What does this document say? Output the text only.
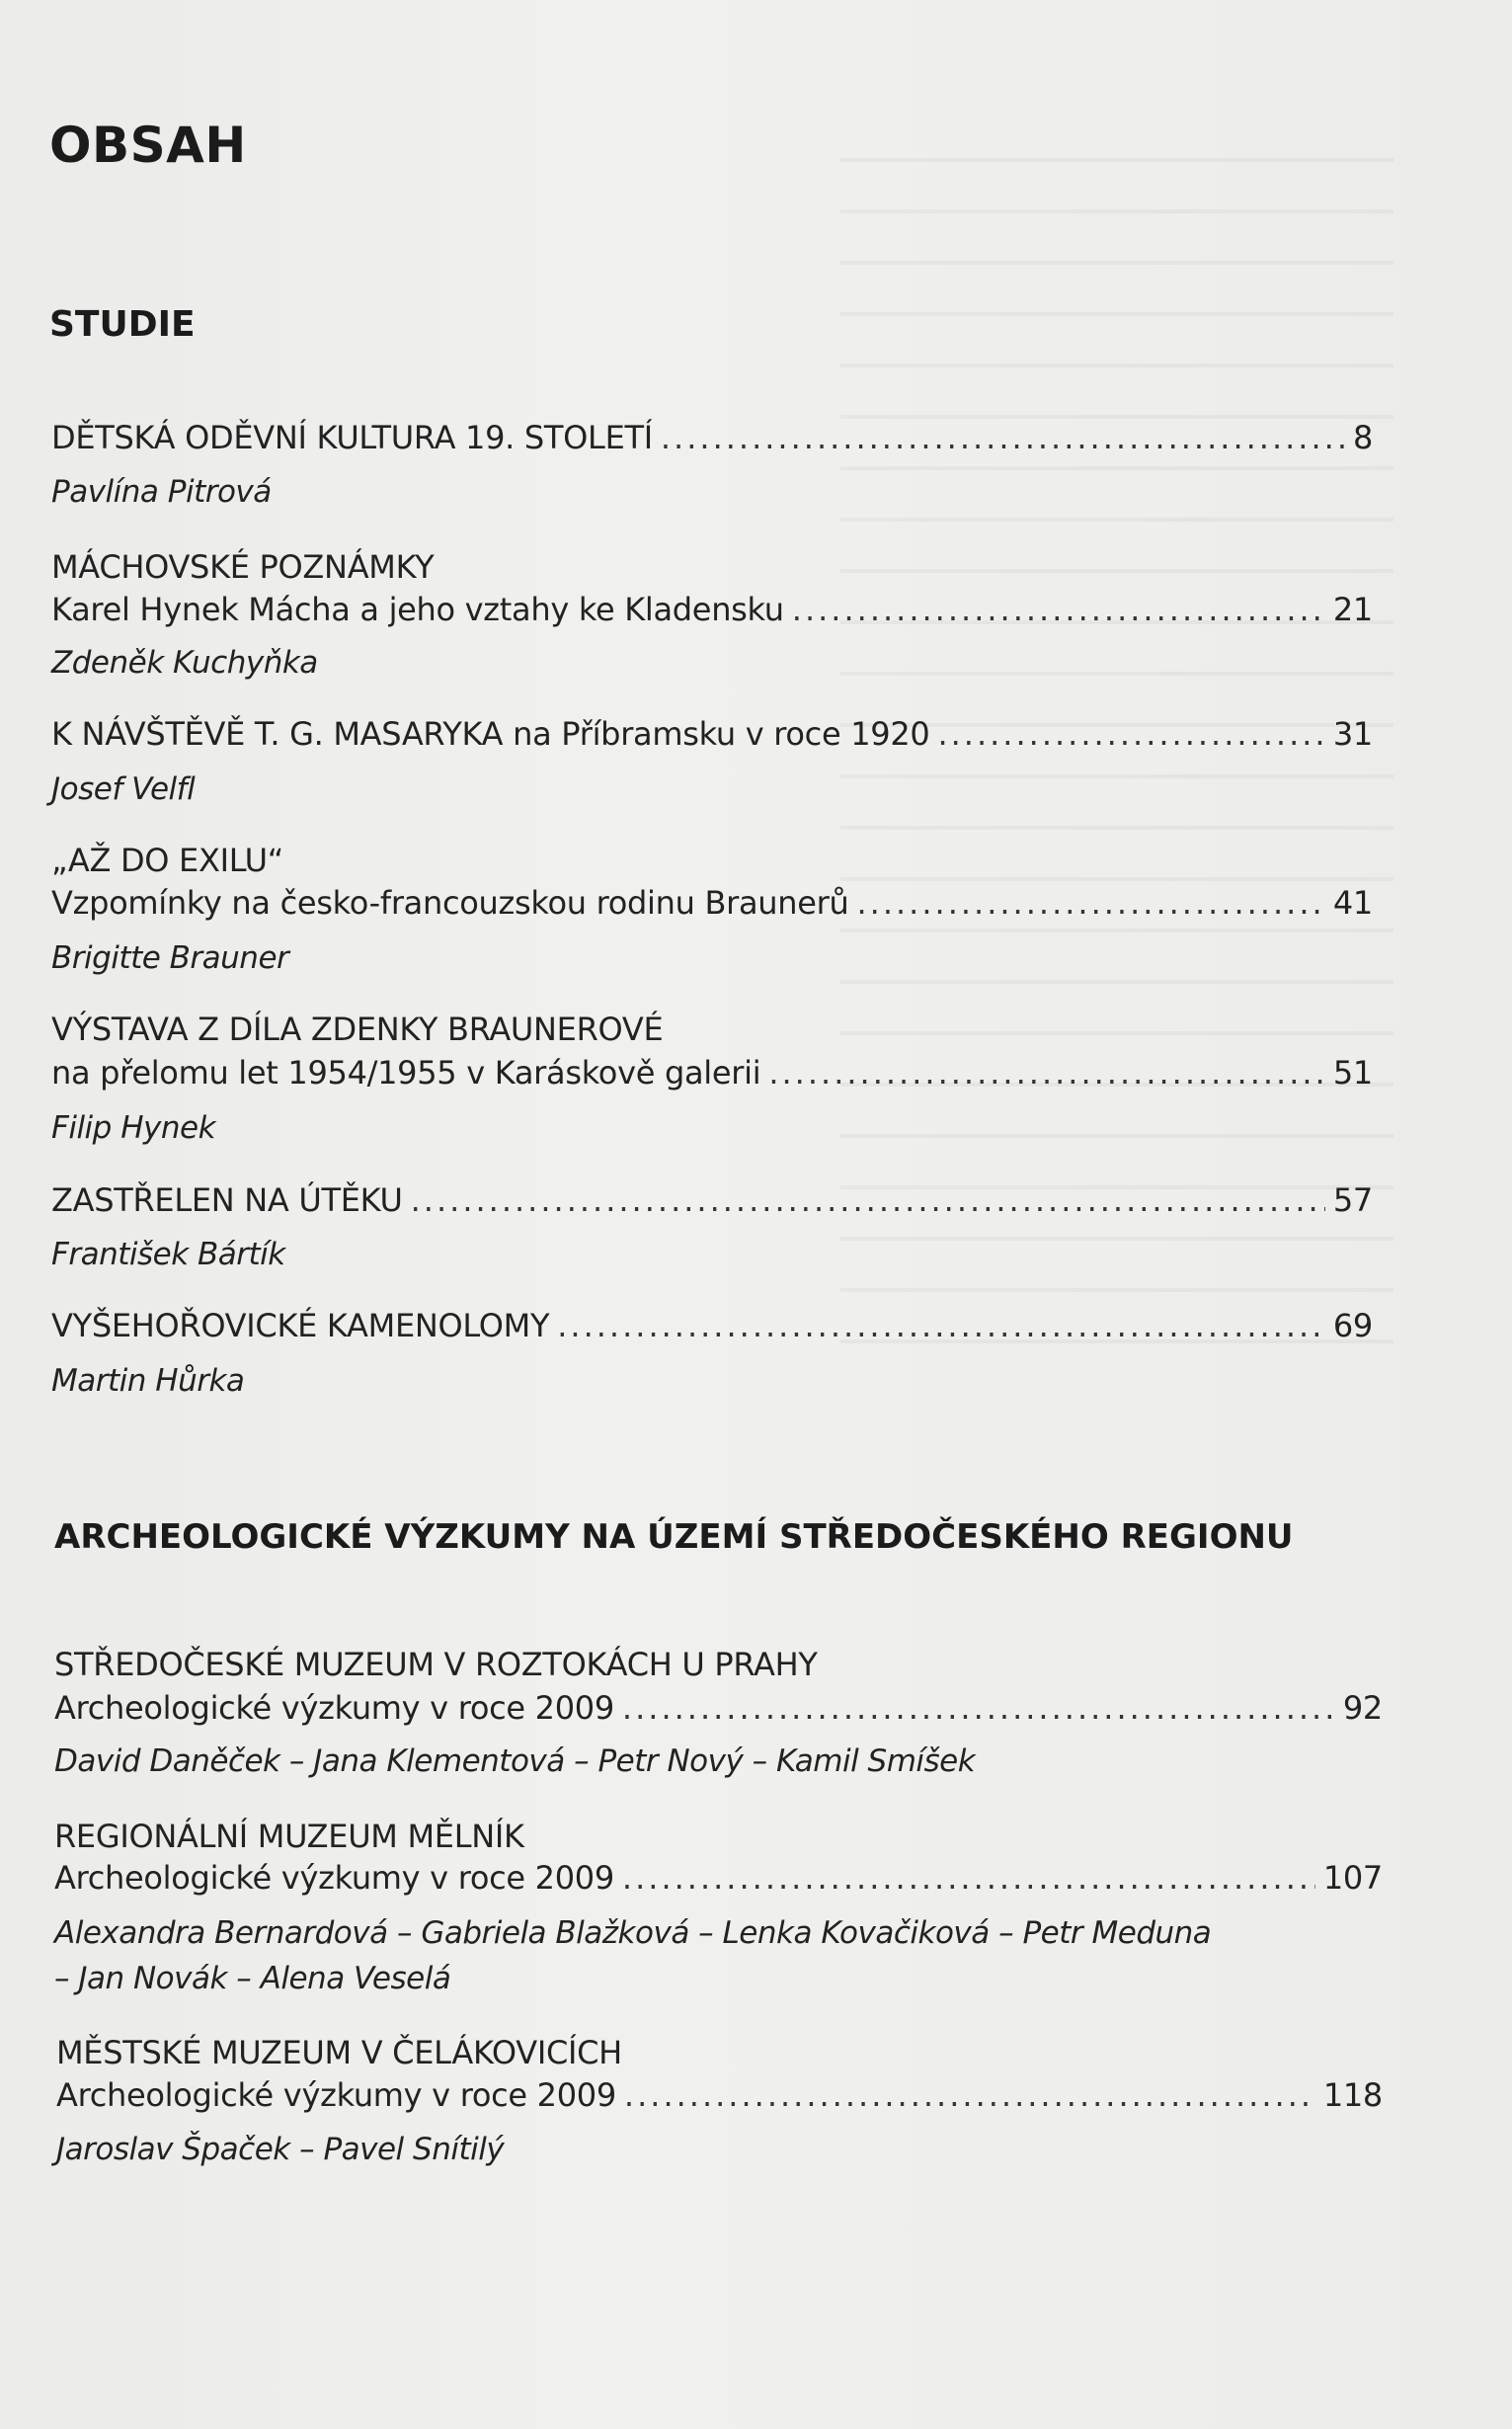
OBSAH
STUDIE
DĚTSKÁ ODĚVNÍ KULTURA 19. STOLETÍ .....	8
Pavlína Pitrová
MÁCHOVSKÉ POZNÁMKY
Karel Hynek Mácha a jeho vztahy ke Kladensku .....	21
Zdeněk Kuchyňka
K NÁVŠTĚVĚ T. G. MASARYKA na Příbramsku v roce 1920 .....	31
Josef Velfl
„AŽ DO EXILU“
Vzpomínky na česko-francouzskou rodinu Braunerů .....	41
Brigitte Brauner
VÝSTAVA Z DÍLA ZDENKY BRAUNEROVÉ
na přelomu let 1954/1955 v Karáskově galerii .....	51
Filip Hynek
ZASTŘELEN NA ÚTĚKU .....	57
František Bártík
VYŠEHOŘOVICKÉ KAMENOLOMY .....	69
Martin Hůrka
ARCHEOLOGICKÉ VÝZKUMY NA ÚZEMÍ STŘEDOČESKÉHO REGIONU
STŘEDOČESKÉ MUZEUM V ROZTOKÁCH U PRAHY
Archeologické výzkumy v roce 2009 .....	92
David Daněček – Jana Klementová – Petr Nový – Kamil Smíšek
REGIONÁLNÍ MUZEUM MĚLNÍK
Archeologické výzkumy v roce 2009 .....	107
Alexandra Bernardová – Gabriela Blažková – Lenka Kovačiková – Petr Meduna
– Jan Novák – Alena Veselá
MĚSTSKÉ MUZEUM V ČELÁKOVICÍCH
Archeologické výzkumy v roce 2009 .....	118
Jaroslav Špaček – Pavel Snítilý
